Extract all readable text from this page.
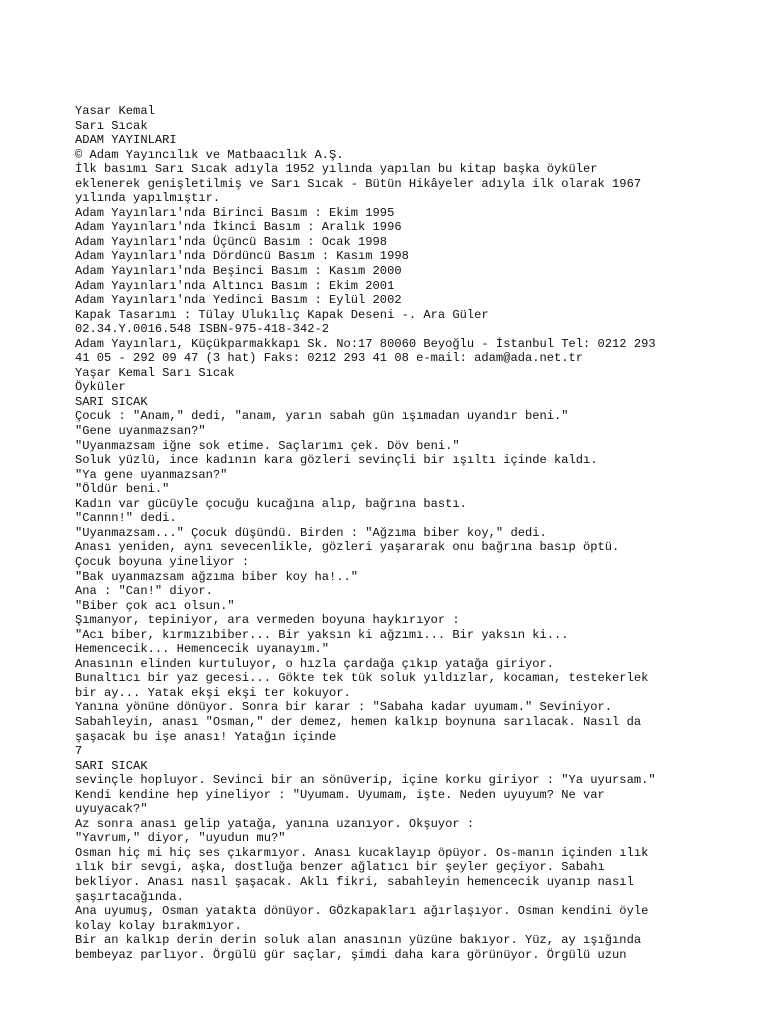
Yasar Kemal
Sarı Sıcak
ADAM YAYINLARI
© Adam Yayıncılık ve Matbaacılık A.Ş.
İlk basımı Sarı Sıcak adıyla 1952 yılında yapılan bu kitap başka öyküler
eklenerek genişletilmiş ve Sarı Sıcak - Bütün Hikâyeler adıyla ilk olarak 1967
yılında yapılmıştır.
Adam Yayınları'nda Birinci Basım : Ekim 1995
Adam Yayınları'nda İkinci Basım : Aralık 1996
Adam Yayınları'nda Üçüncü Basım : Ocak 1998
Adam Yayınları'nda Dördüncü Basım : Kasım 1998
Adam Yayınları'nda Beşinci Basım : Kasım 2000
Adam Yayınları'nda Altıncı Basım : Ekim 2001
Adam Yayınları'nda Yedinci Basım : Eylül 2002
Kapak Tasarımı : Tülay Ulukılıç Kapak Deseni -. Ara Güler
02.34.Y.0016.548 ISBN-975-418-342-2
Adam Yayınları, Küçükparmakkapı Sk. No:17 80060 Beyoğlu - İstanbul Tel: 0212 293
41 05 - 292 09 47 (3 hat) Faks: 0212 293 41 08 e-mail: adam@ada.net.tr
Yaşar Kemal Sarı Sıcak
Öyküler
SARI SICAK
Çocuk : "Anam," dedi, "anam, yarın sabah gün ışımadan uyandır beni."
"Gene uyanmazsan?"
"Uyanmazsam iğne sok etime. Saçlarımı çek. Döv beni."
Soluk yüzlü, ince kadının kara gözleri sevinçli bir ışıltı içinde kaldı.
"Ya gene uyanmazsan?"
"Öldür beni."
Kadın var gücüyle çocuğu kucağına alıp, bağrına bastı.
"Cannn!" dedi.
"Uyanmazsam..." Çocuk düşündü. Birden : "Ağzıma biber koy," dedi.
Anası yeniden, aynı sevecenlikle, gözleri yaşararak onu bağrına basıp öptü.
Çocuk boyuna yineliyor :
"Bak uyanmazsam ağzıma biber koy ha!.."
Ana : "Can!" diyor.
"Biber çok acı olsun."
Şımanyor, tepiniyor, ara vermeden boyuna haykırıyor :
"Acı biber, kırmızıbiber... Bir yaksın ki ağzımı... Bir yaksın ki...
Hemencecik... Hemencecik uyanayım."
Anasının elinden kurtuluyor, o hızla çardağa çıkıp yatağa giriyor.
Bunaltıcı bir yaz gecesi... Gökte tek tük soluk yıldızlar, kocaman, testekerlek
bir ay... Yatak ekşi ekşi ter kokuyor.
Yanına yönüne dönüyor. Sonra bir karar : "Sabaha kadar uyumam." Seviniyor.
Sabahleyin, anası "Osman," der demez, hemen kalkıp boynuna sarılacak. Nasıl da
şaşacak bu işe anası! Yatağın içinde
7
SARI SICAK
sevinçle hopluyor. Sevinci bir an sönüverip, içine korku giriyor : "Ya uyursam."
Kendi kendine hep yineliyor : "Uyumam. Uyumam, işte. Neden uyuyum? Ne var
uyuyacak?"
Az sonra anası gelip yatağa, yanına uzanıyor. Okşuyor :
"Yavrum," diyor, "uyudun mu?"
Osman hiç mi hiç ses çıkarmıyor. Anası kucaklayıp öpüyor. Os-manın içinden ılık
ılık bir sevgi, aşka, dostluğa benzer ağlatıcı bir şeyler geçiyor. Sabahı
bekliyor. Anası nasıl şaşacak. Aklı fikri, sabahleyin hemencecik uyanıp nasıl
şaşırtacağında.
Ana uyumuş, Osman yatakta dönüyor. GÖzkapakları ağırlaşıyor. Osman kendini öyle
kolay kolay bırakmıyor.
Bir an kalkıp derin derin soluk alan anasının yüzüne bakıyor. Yüz, ay ışığında
bembeyaz parlıyor. Örgülü gür saçlar, şimdi daha kara görünüyor. Örgülü uzun
